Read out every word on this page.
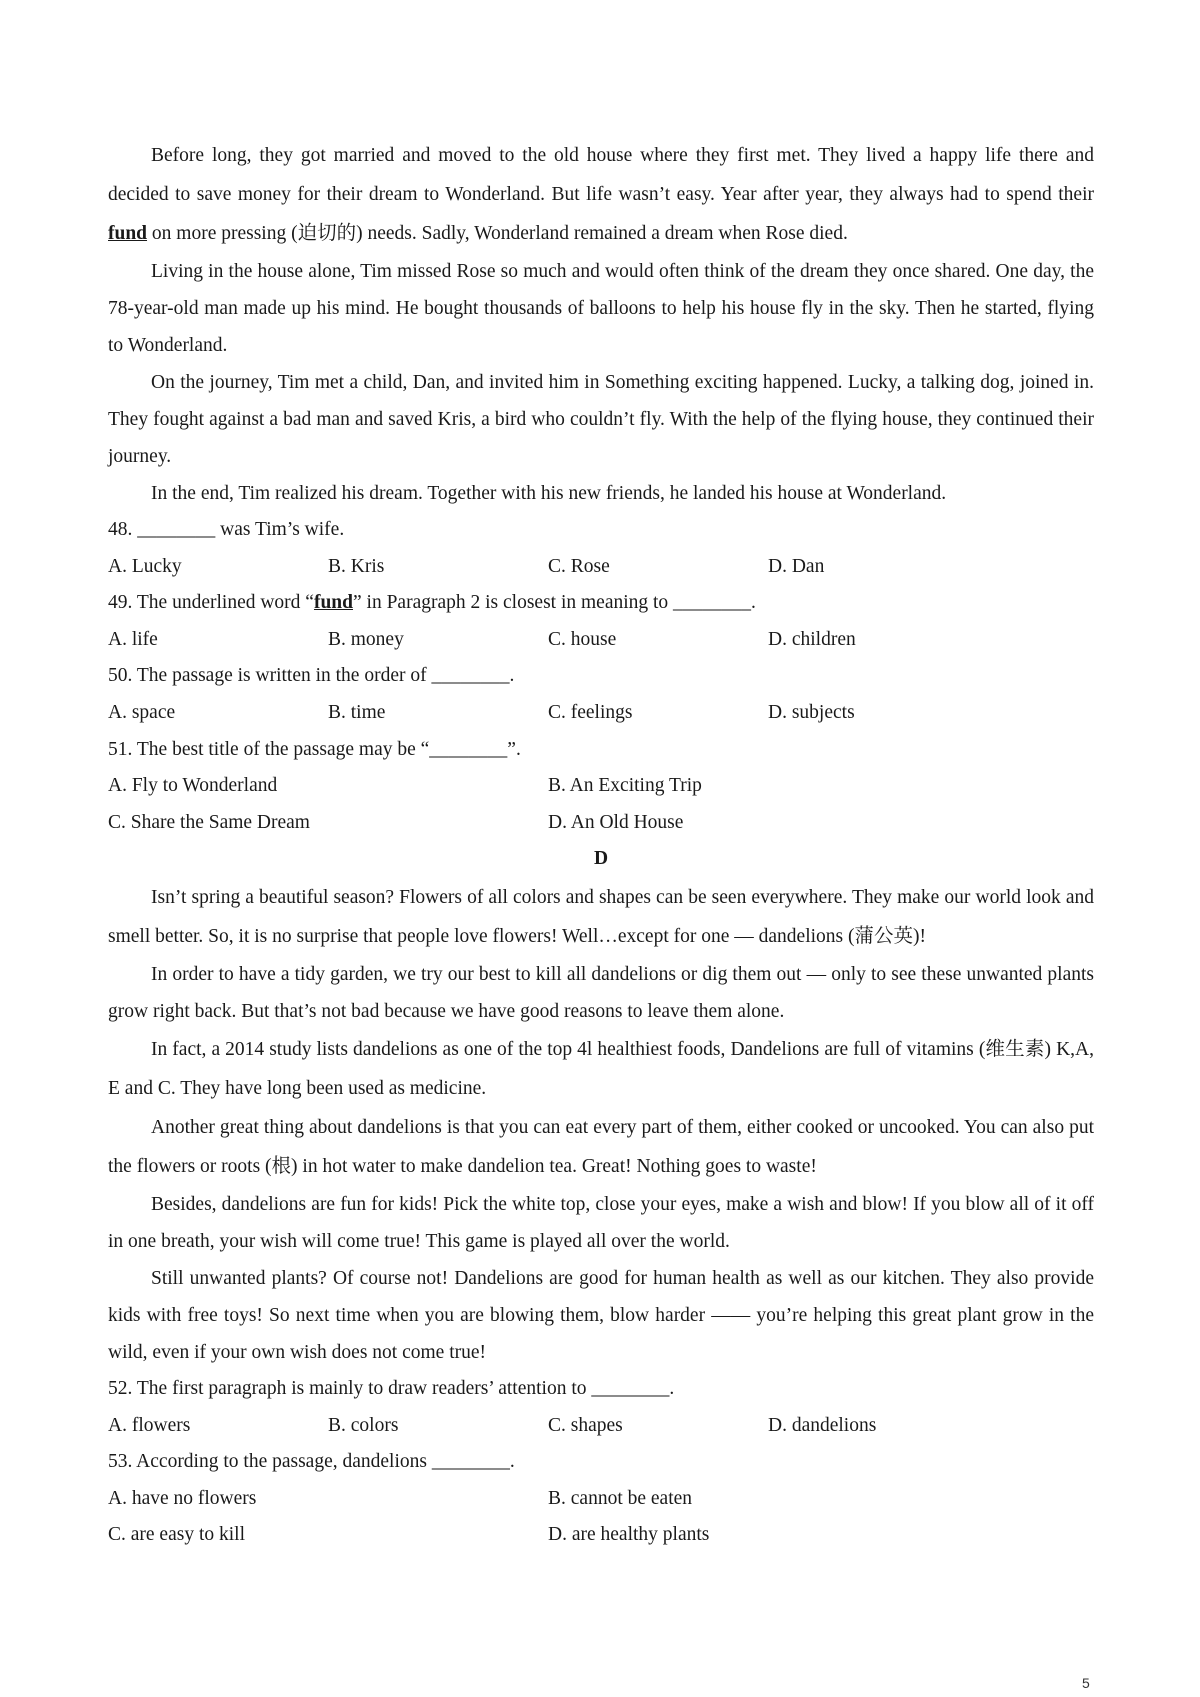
Before long, they got married and moved to the old house where they first met. They lived a happy life there and decided to save money for their dream to Wonderland. But life wasn’t easy. Year after year, they always had to spend their fund on more pressing (迫切的) needs. Sadly, Wonderland remained a dream when Rose died.

Living in the house alone, Tim missed Rose so much and would often think of the dream they once shared. One day, the 78-year-old man made up his mind. He bought thousands of balloons to help his house fly in the sky. Then he started, flying to Wonderland.

On the journey, Tim met a child, Dan, and invited him in Something exciting happened. Lucky, a talking dog, joined in. They fought against a bad man and saved Kris, a bird who couldn’t fly. With the help of the flying house, they continued their journey.

In the end, Tim realized his dream. Together with his new friends, he landed his house at Wonderland.

48. ________ was Tim’s wife.

A. Lucky	B. Kris	C. Rose	D. Dan

49. The underlined word “fund” in Paragraph 2 is closest in meaning to ________.

A. life	B. money	C. house	D. children

50. The passage is written in the order of ________.

A. space	B. time	C. feelings	D. subjects

51. The best title of the passage may be “________”.

A. Fly to Wonderland	B. An Exciting Trip
C. Share the Same Dream	D. An Old House
D

Isn’t spring a beautiful season? Flowers of all colors and shapes can be seen everywhere. They make our world look and smell better. So, it is no surprise that people love flowers! Well…except for one — dandelions (蒲公英)!

In order to have a tidy garden, we try our best to kill all dandelions or dig them out — only to see these unwanted plants grow right back. But that’s not bad because we have good reasons to leave them alone.

In fact, a 2014 study lists dandelions as one of the top 4l healthiest foods, Dandelions are full of vitamins (维生素) K,A, E and C. They have long been used as medicine.

Another great thing about dandelions is that you can eat every part of them, either cooked or uncooked. You can also put the flowers or roots (根) in hot water to make dandelion tea. Great! Nothing goes to waste!

Besides, dandelions are fun for kids! Pick the white top, close your eyes, make a wish and blow! If you blow all of it off in one breath, your wish will come true! This game is played all over the world.

Still unwanted plants? Of course not! Dandelions are good for human health as well as our kitchen. They also provide kids with free toys! So next time when you are blowing them, blow harder —— you’re helping this great plant grow in the wild, even if your own wish does not come true!

52. The first paragraph is mainly to draw readers’ attention to ________.

A. flowers	B. colors	C. shapes	D. dandelions

53. According to the passage, dandelions ________.

A. have no flowers	B. cannot be eaten
C. are easy to kill	D. are healthy plants
5
